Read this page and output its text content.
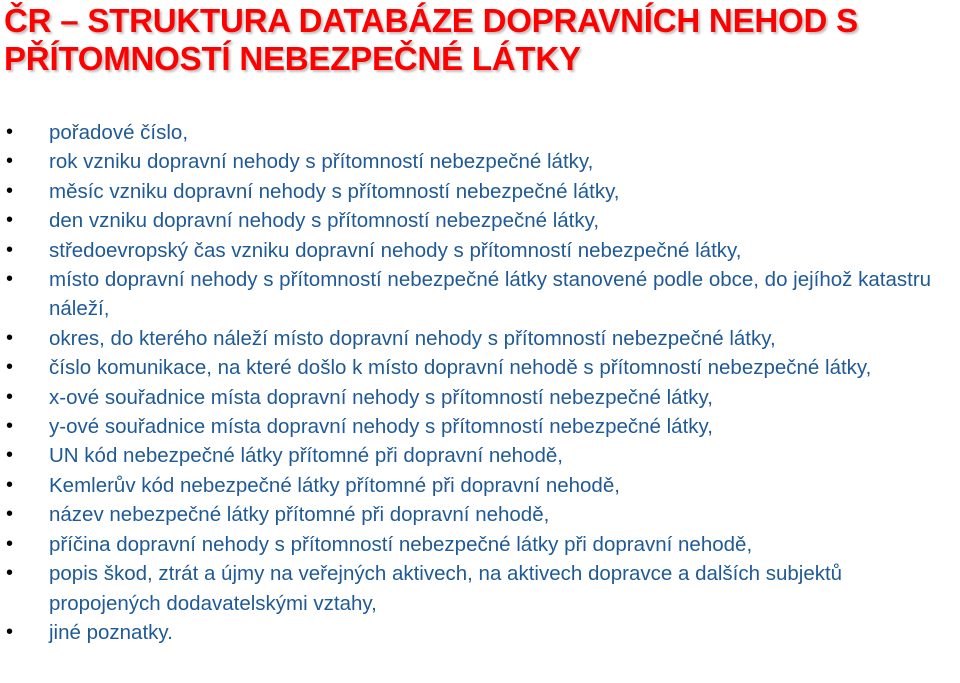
ČR – STRUKTURA DATABÁZE DOPRAVNÍCH NEHOD S PŘÍTOMNOSTÍ NEBEZPEČNÉ LÁTKY
• pořadové číslo,
• rok vzniku dopravní nehody s přítomností nebezpečné látky,
• měsíc vzniku dopravní nehody s přítomností nebezpečné látky,
• den vzniku dopravní nehody s přítomností nebezpečné látky,
• středoevropský čas vzniku dopravní nehody s přítomností nebezpečné látky,
• místo dopravní nehody s přítomností nebezpečné látky stanovené podle obce, do jejíhož katastru náleží,
• okres, do kterého náleží místo dopravní nehody s přítomností nebezpečné látky,
• číslo komunikace, na které došlo k místo dopravní nehodě s přítomností nebezpečné látky,
• x-ové souřadnice místa dopravní nehody s přítomností nebezpečné látky,
• y-ové souřadnice místa dopravní nehody s přítomností nebezpečné látky,
• UN kód nebezpečné látky přítomné při dopravní nehodě,
• Kemlerův kód nebezpečné látky přítomné při dopravní nehodě,
• název nebezpečné látky přítomné při dopravní nehodě,
• příčina dopravní nehody s přítomností nebezpečné látky při dopravní nehodě,
• popis škod, ztrát a újmy na veřejných aktivech, na aktivech dopravce a dalších subjektů propojených dodavatelskými vztahy,
• jiné poznatky.
